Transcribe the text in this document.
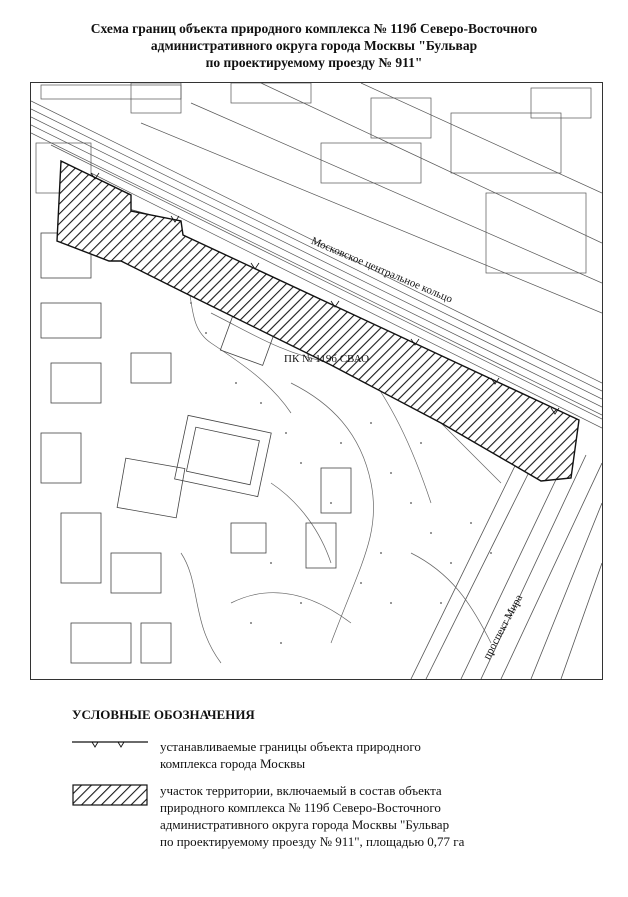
Схема границ объекта природного комплекса № 119б Северо-Восточного
административного округа города Москвы "Бульвар
по проектируемому проезду № 911"
Московское центральное кольцо
ПК № 119б СВАО
проспект Мира
УСЛОВНЫЕ ОБОЗНАЧЕНИЯ
устанавливаемые границы объекта природного
комплекса города Москвы
участок территории, включаемый в состав объекта
природного комплекса № 119б Северо-Восточного
административного округа города Москвы "Бульвар
по проектируемому проезду № 911", площадью 0,77 га
